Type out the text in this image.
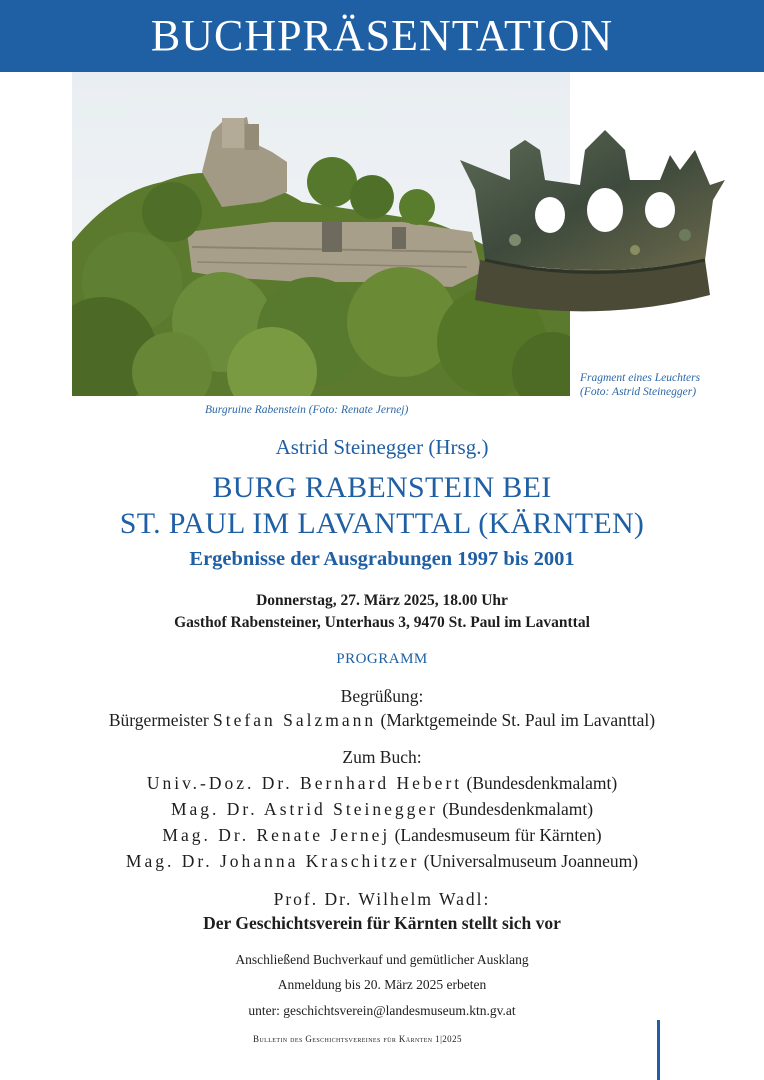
BUCHPRÄSENTATION
Burgruine Rabenstein (Foto: Renate Jernej)
Fragment eines Leuchters
(Foto: Astrid Steinegger)
Astrid Steinegger (Hrsg.)
BURG RABENSTEIN BEI
ST. PAUL IM LAVANTTAL (KÄRNTEN)
Ergebnisse der Ausgrabungen 1997 bis 2001
Donnerstag, 27. März 2025, 18.00 Uhr
Gasthof Rabensteiner, Unterhaus 3, 9470 St. Paul im Lavanttal
PROGRAMM
Begrüßung:
Bürgermeister Stefan Salzmann (Marktgemeinde St. Paul im Lavanttal)
Zum Buch:
Univ.-Doz. Dr. Bernhard Hebert (Bundesdenkmalamt)
Mag. Dr. Astrid Steinegger (Bundesdenkmalamt)
Mag. Dr. Renate Jernej (Landesmuseum für Kärnten)
Mag. Dr. Johanna Kraschitzer (Universalmuseum Joanneum)
Prof. Dr. Wilhelm Wadl:
Der Geschichtsverein für Kärnten stellt sich vor
Anschließend Buchverkauf und gemütlicher Ausklang
Anmeldung bis 20. März 2025 erbeten
unter: geschichtsverein@landesmuseum.ktn.gv.at
Bulletin des Geschichtsvereines für Kärnten 1|2025
